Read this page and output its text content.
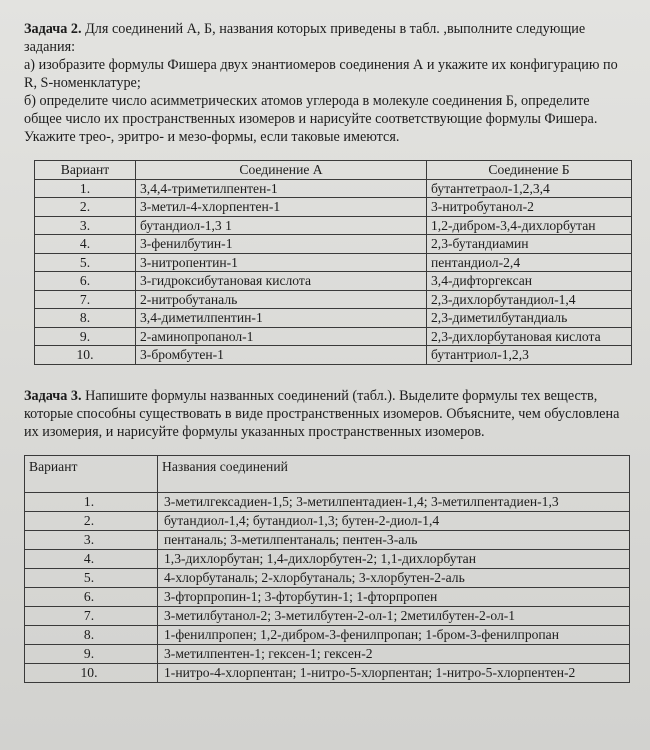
Задача 2. Для соединений А, Б, названия которых приведены в табл. ,выполните следующие задания:

а) изобразите формулы Фишера двух энантиомеров соединения А и укажите их конфигурацию по R, S-номенклатуре;

б) определите число асимметрических атомов углерода в молекуле соединения Б, определите общее число их пространственных изомеров и нарисуйте соответствующие формулы Фишера. Укажите трео-, эритро- и мезо-формы, если таковые имеются.

Вариант	Соединение А	Соединение Б
1.	3,4,4-триметилпентен-1	бутантетраол-1,2,3,4
2.	3-метил-4-хлорпентен-1	3-нитробутанол-2
3.	бутандиол-1,3 1	1,2-дибром-3,4-дихлорбутан
4.	3-фенилбутин-1	2,3-бутандиамин
5.	3-нитропентин-1	пентандиол-2,4
6.	3-гидроксибутановая кислота	3,4-дифторгексан
7.	2-нитробутаналь	2,3-дихлорбутандиол-1,4
8.	3,4-диметилпентин-1	2,3-диметилбутандиаль
9.	2-аминопропанол-1	2,3-дихлорбутановая кислота
10.	3-бромбутен-1	бутантриол-1,2,3

Задача 3. Напишите формулы названных соединений (табл.). Выделите формулы тех веществ, которые способны существовать в виде пространственных изомеров. Объясните, чем обусловлена их изомерия, и нарисуйте формулы указанных пространственных изомеров.

Вариант	Названия соединений
1.	3-метилгексадиен-1,5; 3-метилпентадиен-1,4; 3-метилпентадиен-1,3
2.	бутандиол-1,4; бутандиол-1,3; бутен-2-диол-1,4
3.	пентаналь; 3-метилпентаналь; пентен-3-аль
4.	1,3-дихлорбутан; 1,4-дихлорбутен-2; 1,1-дихлорбутан
5.	4-хлорбутаналь; 2-хлорбутаналь; 3-хлорбутен-2-аль
6.	3-фторпропин-1; 3-фторбутин-1; 1-фторпропен
7.	3-метилбутанол-2; 3-метилбутен-2-ол-1; 2метилбутен-2-ол-1
8.	1-фенилпропен; 1,2-дибром-3-фенилпропан; 1-бром-3-фенилпропан
9.	3-метилпентен-1; гексен-1; гексен-2
10.	1-нитро-4-хлорпентан; 1-нитро-5-хлорпентан; 1-нитро-5-хлорпентен-2
